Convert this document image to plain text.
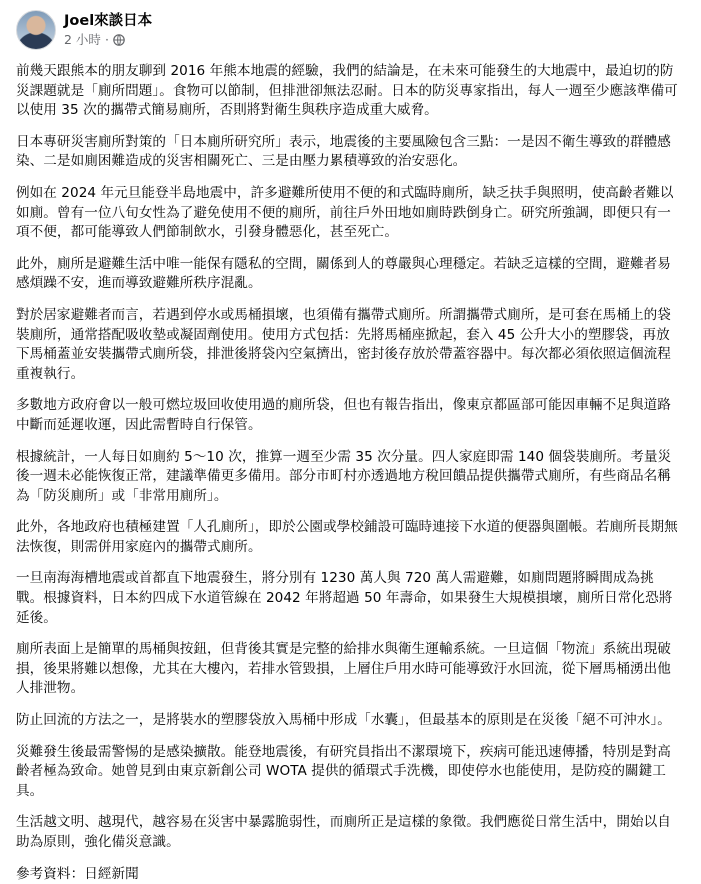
Joel來談日本
2 小時 ·

前幾天跟熊本的朋友聊到 2016 年熊本地震的經驗，我們的結論是，在未來可能發生的大地震中，最迫切的防災課題就是「廁所問題」。食物可以節制，但排泄卻無法忍耐。日本的防災專家指出，每人一週至少應該準備可以使用 35 次的攜帶式簡易廁所，否則將對衛生與秩序造成重大威脅。

日本專研災害廁所對策的「日本廁所研究所」表示，地震後的主要風險包含三點：一是因不衛生導致的群體感染、二是如廁困難造成的災害相關死亡、三是由壓力累積導致的治安惡化。

例如在 2024 年元旦能登半島地震中，許多避難所使用不便的和式臨時廁所，缺乏扶手與照明，使高齡者難以如廁。曾有一位八旬女性為了避免使用不便的廁所，前往戶外田地如廁時跌倒身亡。研究所強調，即便只有一項不便，都可能導致人們節制飲水，引發身體惡化，甚至死亡。

此外，廁所是避難生活中唯一能保有隱私的空間，關係到人的尊嚴與心理穩定。若缺乏這樣的空間，避難者易感煩躁不安，進而導致避難所秩序混亂。

對於居家避難者而言，若遇到停水或馬桶損壞，也須備有攜帶式廁所。所謂攜帶式廁所，是可套在馬桶上的袋裝廁所，通常搭配吸收墊或凝固劑使用。使用方式包括：先將馬桶座掀起，套入 45 公升大小的塑膠袋，再放下馬桶蓋並安裝攜帶式廁所袋，排泄後將袋內空氣擠出，密封後存放於帶蓋容器中。每次都必須依照這個流程重複執行。

多數地方政府會以一般可燃垃圾回收使用過的廁所袋，但也有報告指出，像東京都區部可能因車輛不足與道路中斷而延遲收運，因此需暫時自行保管。

根據統計，一人每日如廁約 5〜10 次，推算一週至少需 35 次分量。四人家庭即需 140 個袋裝廁所。考量災後一週未必能恢復正常，建議準備更多備用。部分市町村亦透過地方稅回饋品提供攜帶式廁所，有些商品名稱為「防災廁所」或「非常用廁所」。

此外，各地政府也積極建置「人孔廁所」，即於公園或學校鋪設可臨時連接下水道的便器與圍帳。若廁所長期無法恢復，則需併用家庭內的攜帶式廁所。

一旦南海海槽地震或首都直下地震發生，將分別有 1230 萬人與 720 萬人需避難，如廁問題將瞬間成為挑戰。根據資料，日本約四成下水道管線在 2042 年將超過 50 年壽命，如果發生大規模損壞，廁所日常化恐將延後。

廁所表面上是簡單的馬桶與按鈕，但背後其實是完整的給排水與衛生運輸系統。一旦這個「物流」系統出現破損，後果將難以想像，尤其在大樓內，若排水管毀損，上層住戶用水時可能導致汙水回流，從下層馬桶湧出他人排泄物。

防止回流的方法之一，是將裝水的塑膠袋放入馬桶中形成「水囊」，但最基本的原則是在災後「絕不可沖水」。

災難發生後最需警惕的是感染擴散。能登地震後，有研究員指出不潔環境下，疾病可能迅速傳播，特別是對高齡者極為致命。她曾見到由東京新創公司 WOTA 提供的循環式手洗機，即使停水也能使用，是防疫的關鍵工具。

生活越文明、越現代，越容易在災害中暴露脆弱性，而廁所正是這樣的象徵。我們應從日常生活中，開始以自助為原則，強化備災意識。

參考資料：日經新聞
